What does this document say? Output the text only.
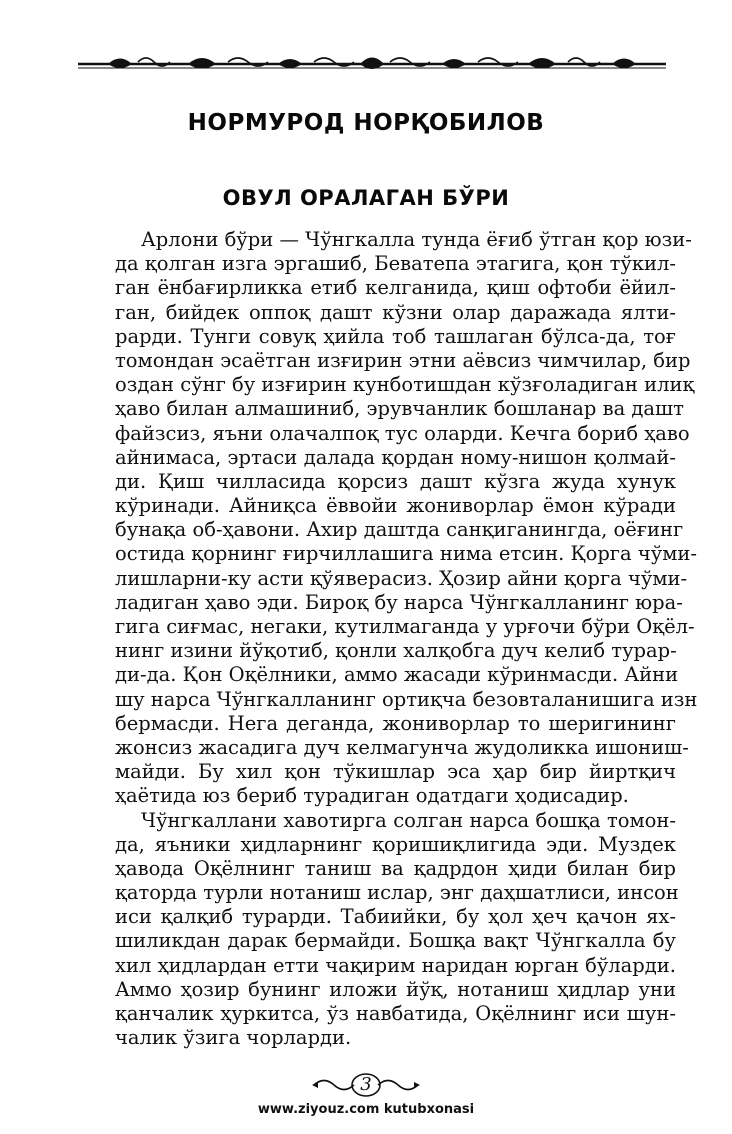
НОРМУРОД НОРҚОБИЛОВ
ОВУЛ ОРАЛАГАН БЎРИ
Арлони бўри — Чўнгкалла тунда ёғиб ўтган қор юзи-
да қолган изга эргашиб, Беватепа этагига, қон тўкил-
ган ёнбағирликка етиб келганида, қиш офтоби ёйил-
ган, бийдек оппоқ дашт кўзни олар даражада ялти-
рарди. Тунги совуқ ҳийла тоб ташлаган бўлса-да, тоғ
томондан эсаётган изғирин этни аёвсиз чимчилар, бир
оздан сўнг бу изғирин кунботишдан кўзғоладиган илиқ
ҳаво билан алмашиниб, эрувчанлик бошланар ва дашт
файзсиз, яъни олачалпоқ тус оларди. Кечга бориб ҳаво
айнимаса, эртаси далада қордан ному-нишон қолмай-
ди. Қиш чилласида қорсиз дашт кўзга жуда хунук
кўринади. Айниқса ёввойи жониворлар ёмон кўради
бунақа об-ҳавони. Ахир даштда санқиганингда, оёғинг
остида қорнинг ғирчиллашига нима етсин. Қорга чўми-
лишларни-ку асти қўяверасиз. Ҳозир айни қорга чўми-
ладиган ҳаво эди. Бироқ бу нарса Чўнгкалланинг юра-
гига сиғмас, негаки, кутилмаганда у урғочи бўри Оқёл-
нинг изини йўқотиб, қонли халқобга дуч келиб турар-
ди-да. Қон Оқёлники, аммо жасади кўринмасди. Айни
шу нарса Чўнгкалланинг ортиқча безовталанишига изн
бермасди. Нега деганда, жониворлар то шеригининг
жонсиз жасадига дуч келмагунча жудоликка ишониш-
майди. Бу хил қон тўкишлар эса ҳар бир йиртқич
ҳаётида юз бериб турадиган одатдаги ҳодисадир.
Чўнгкаллани хавотирга солган нарса бошқа томон-
да, яъники ҳидларнинг қоришиқлигида эди. Муздек
ҳавода Оқёлнинг таниш ва қадрдон ҳиди билан бир
қаторда турли нотаниш ислар, энг даҳшатлиси, инсон
иси қалқиб турарди. Табиийки, бу ҳол ҳеч қачон ях-
шиликдан дарак бермайди. Бошқа вақт Чўнгкалла бу
хил ҳидлардан етти чақирим наридан юрган бўларди.
Аммо ҳозир бунинг иложи йўқ, нотаниш ҳидлар уни
қанчалик ҳуркитса, ўз навбатида, Оқёлнинг иси шун-
чалик ўзига чорларди.
3
www.ziyouz.com kutubxonasi
